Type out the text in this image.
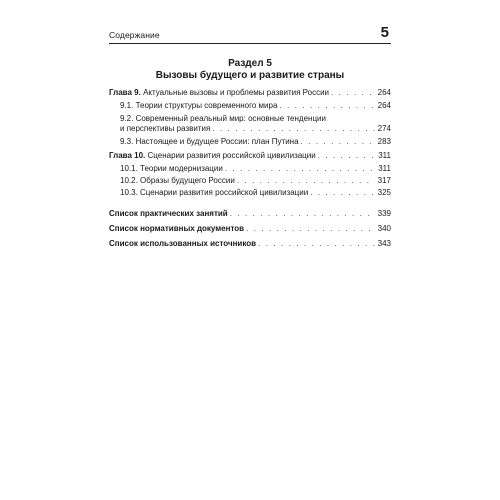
Содержание	5
Раздел 5
Вызовы будущего и развитие страны
Глава 9. Актуальные вызовы и проблемы развития России . . .	264
9.1. Теории структуры современного мира . . .	264
9.2. Современный реальный мир: основные тенденции
и перспективы развития . . .	274
9.3. Настоящее и будущее России: план Путина . . .	283
Глава 10. Сценарии развития российской цивилизации . . .	311
10.1. Теории модернизации . . .	311
10.2. Образы будущего России . . .	317
10.3. Сценарии развития российской цивилизации . . .	325
Список практических занятий . . .	339
Список нормативных документов . . .	340
Список использованных источников . . .	343
